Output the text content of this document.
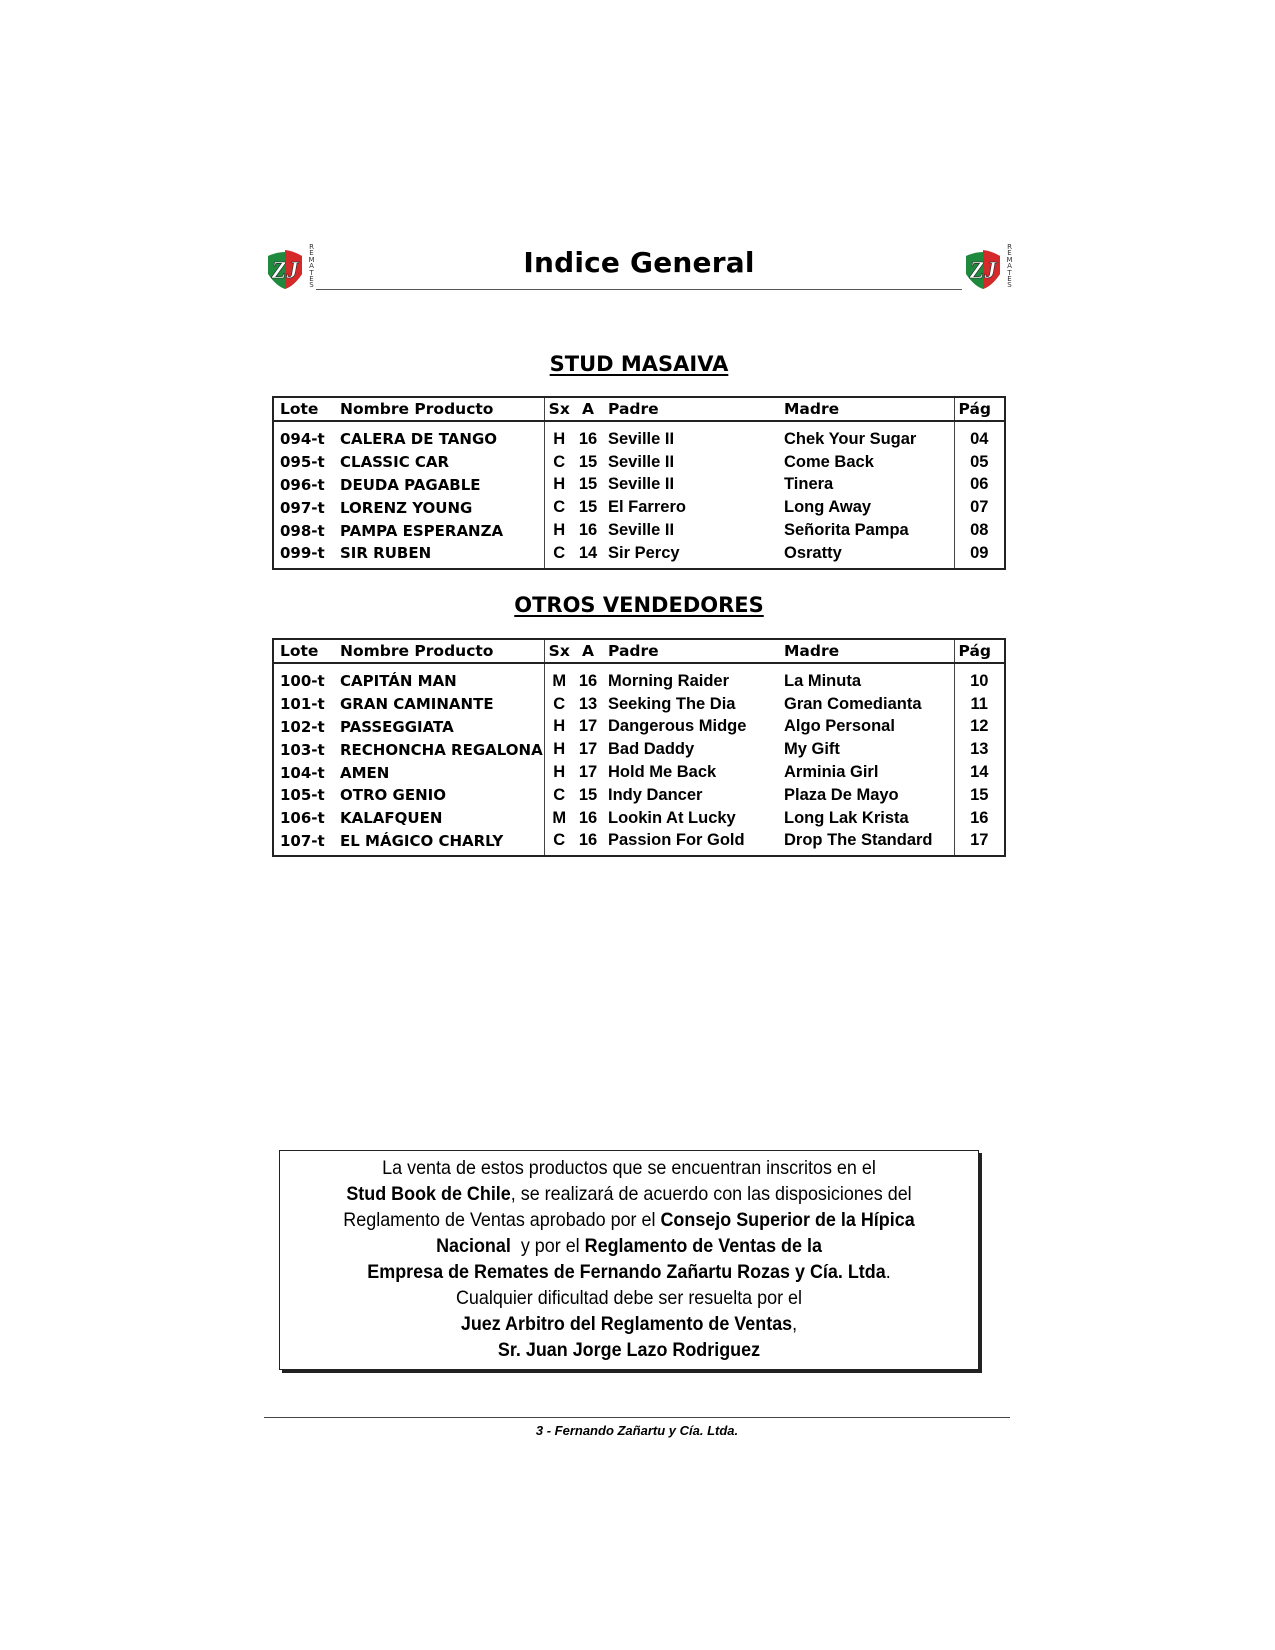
ZJ
R
E
M
A
T
E
S
Indice General	ZJ
R
E
M
A
T
E
S
STUD MASAIVA
Lote	Nombre Producto	Sx	A	Padre	Madre	Pág
094-t	CALERA DE TANGO	H	16	Seville II	Chek Your Sugar	04
095-t	CLASSIC CAR	C	15	Seville II	Come Back	05
096-t	DEUDA PAGABLE	H	15	Seville II	Tinera	06
097-t	LORENZ YOUNG	C	15	El Farrero	Long Away	07
098-t	PAMPA ESPERANZA	H	16	Seville II	Señorita Pampa	08
099-t	SIR RUBEN	C	14	Sir Percy	Osratty	09
OTROS VENDEDORES
Lote	Nombre Producto	Sx	A	Padre	Madre	Pág
100-t	CAPITÁN MAN	M	16	Morning Raider	La Minuta	10
101-t	GRAN CAMINANTE	C	13	Seeking The Dia	Gran Comedianta	11
102-t	PASSEGGIATA	H	17	Dangerous Midge	Algo Personal	12
103-t	RECHONCHA REGALONA	H	17	Bad Daddy	My Gift	13
104-t	AMEN	H	17	Hold Me Back	Arminia Girl	14
105-t	OTRO GENIO	C	15	Indy Dancer	Plaza De Mayo	15
106-t	KALAFQUEN	M	16	Lookin At Lucky	Long Lak Krista	16
107-t	EL MÁGICO CHARLY	C	16	Passion For Gold	Drop The Standard	17

La venta de estos productos que se encuentran inscritos en el

Stud Book de Chile, se realizará de acuerdo con las disposiciones del

Reglamento de Ventas aprobado por el Consejo Superior de la Hípica

Nacional  y por el Reglamento de Ventas de la

Empresa de Remates de Fernando Zañartu Rozas y Cía. Ltda.

Cualquier dificultad debe ser resuelta por el

Juez Arbitro del Reglamento de Ventas,

Sr. Juan Jorge Lazo Rodriguez

3 - Fernando Zañartu y Cía. Ltda.
